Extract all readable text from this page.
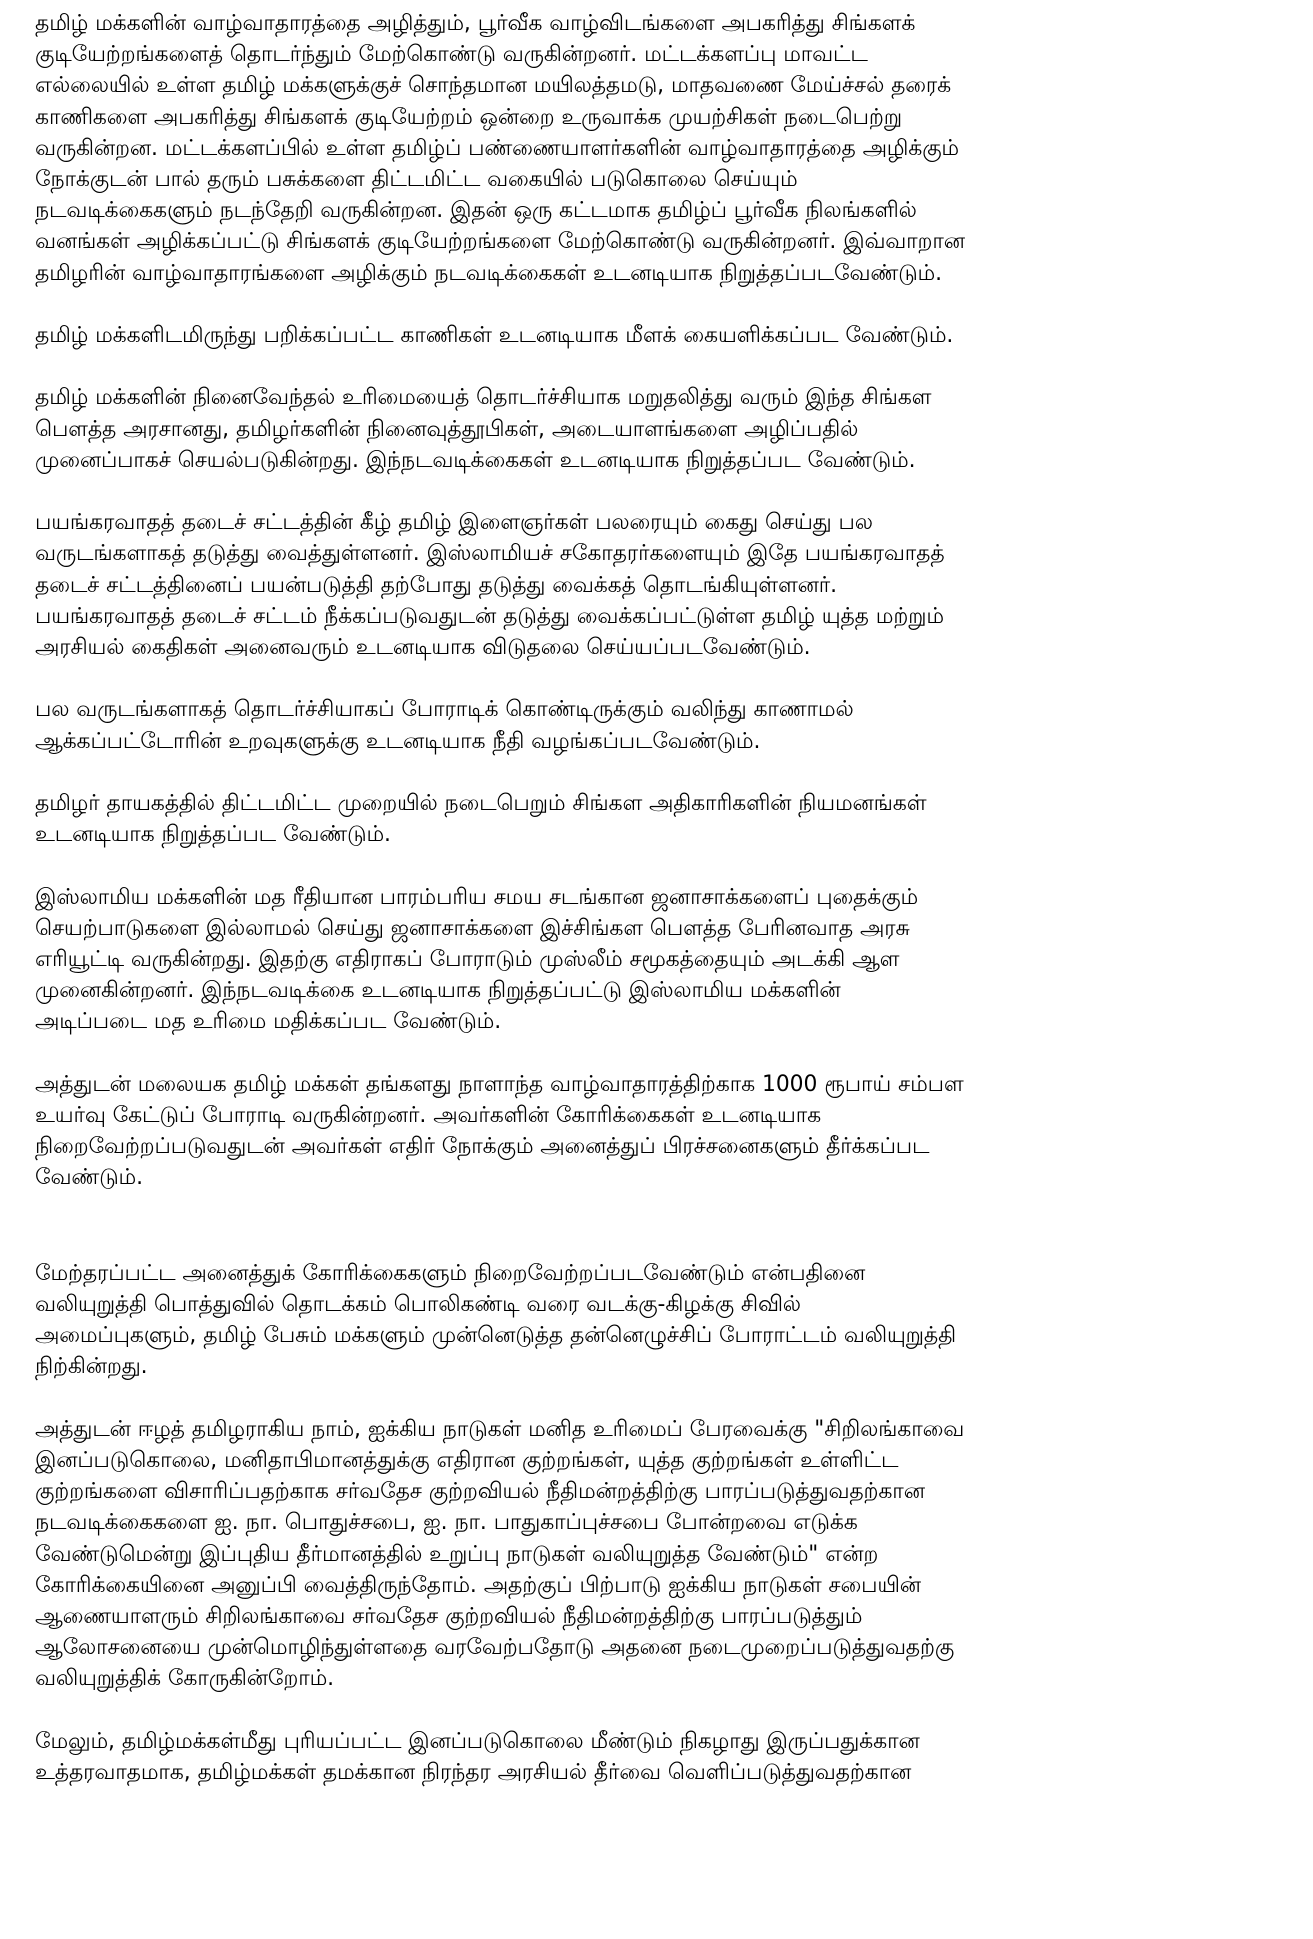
தமிழ் மக்களின் வாழ்வாதாரத்தை அழித்தும், பூர்வீக வாழ்விடங்களை அபகரித்து சிங்களக்
குடியேற்றங்களைத் தொடர்ந்தும் மேற்கொண்டு வருகின்றனர். மட்டக்களப்பு மாவட்ட
எல்லையில் உள்ள தமிழ் மக்களுக்குச் சொந்தமான மயிலத்தமடு, மாதவணை மேய்ச்சல் தரைக்
காணிகளை அபகரித்து சிங்களக் குடியேற்றம் ஒன்றை உருவாக்க முயற்சிகள் நடைபெற்று
வருகின்றன. மட்டக்களப்பில் உள்ள தமிழ்ப் பண்ணையாளர்களின் வாழ்வாதாரத்தை அழிக்கும்
நோக்குடன் பால் தரும் பசுக்களை திட்டமிட்ட வகையில் படுகொலை செய்யும்
நடவடிக்கைகளும் நடந்தேறி வருகின்றன. இதன் ஒரு கட்டமாக தமிழ்ப் பூர்வீக நிலங்களில்
வனங்கள் அழிக்கப்பட்டு சிங்களக் குடியேற்றங்களை மேற்கொண்டு வருகின்றனர். இவ்வாறான
தமிழரின் வாழ்வாதாரங்களை அழிக்கும் நடவடிக்கைகள் உடனடியாக நிறுத்தப்படவேண்டும்.
தமிழ் மக்களிடமிருந்து பறிக்கப்பட்ட காணிகள் உடனடியாக மீளக் கையளிக்கப்பட வேண்டும்.
தமிழ் மக்களின் நினைவேந்தல் உரிமையைத் தொடர்ச்சியாக மறுதலித்து வரும் இந்த சிங்கள
பௌத்த அரசானது, தமிழர்களின் நினைவுத்தூபிகள், அடையாளங்களை அழிப்பதில்
முனைப்பாகச் செயல்படுகின்றது. இந்நடவடிக்கைகள் உடனடியாக நிறுத்தப்பட வேண்டும்.
பயங்கரவாதத் தடைச் சட்டத்தின் கீழ் தமிழ் இளைஞர்கள் பலரையும் கைது செய்து பல
வருடங்களாகத் தடுத்து வைத்துள்ளனர். இஸ்லாமியச் சகோதரர்களையும் இதே பயங்கரவாதத்
தடைச் சட்டத்தினைப் பயன்படுத்தி தற்போது தடுத்து வைக்கத் தொடங்கியுள்ளனர்.
பயங்கரவாதத் தடைச் சட்டம் நீக்கப்படுவதுடன் தடுத்து வைக்கப்பட்டுள்ள தமிழ் யுத்த மற்றும்
அரசியல் கைதிகள் அனைவரும் உடனடியாக விடுதலை செய்யப்படவேண்டும்.
பல வருடங்களாகத் தொடர்ச்சியாகப் போராடிக் கொண்டிருக்கும் வலிந்து காணாமல்
ஆக்கப்பட்டோரின் உறவுகளுக்கு உடனடியாக நீதி வழங்கப்படவேண்டும்.
தமிழர் தாயகத்தில் திட்டமிட்ட முறையில் நடைபெறும் சிங்கள அதிகாரிகளின் நியமனங்கள்
உடனடியாக நிறுத்தப்பட வேண்டும்.
இஸ்லாமிய மக்களின் மத ரீதியான பாரம்பரிய சமய சடங்கான ஜனாசாக்களைப் புதைக்கும்
செயற்பாடுகளை இல்லாமல் செய்து ஜனாசாக்களை இச்சிங்கள பௌத்த பேரினவாத அரசு
எரியூட்டி வருகின்றது. இதற்கு எதிராகப் போராடும் முஸ்லீம் சமூகத்தையும் அடக்கி ஆள
முனைகின்றனர். இந்நடவடிக்கை உடனடியாக நிறுத்தப்பட்டு இஸ்லாமிய மக்களின்
அடிப்படை மத உரிமை மதிக்கப்பட வேண்டும்.
அத்துடன் மலையக தமிழ் மக்கள் தங்களது நாளாந்த வாழ்வாதாரத்திற்காக 1000 ரூபாய் சம்பள
உயர்வு கேட்டுப் போராடி வருகின்றனர். அவர்களின் கோரிக்கைகள் உடனடியாக
நிறைவேற்றப்படுவதுடன் அவர்கள் எதிர் நோக்கும் அனைத்துப் பிரச்சனைகளும் தீர்க்கப்பட
வேண்டும்.
மேற்தரப்பட்ட அனைத்துக் கோரிக்கைகளும் நிறைவேற்றப்படவேண்டும் என்பதினை
வலியுறுத்தி பொத்துவில் தொடக்கம் பொலிகண்டி வரை வடக்கு-கிழக்கு சிவில்
அமைப்புகளும், தமிழ் பேசும் மக்களும் முன்னெடுத்த தன்னெழுச்சிப் போராட்டம் வலியுறுத்தி
நிற்கின்றது.
அத்துடன் ஈழத் தமிழராகிய நாம், ஐக்கிய நாடுகள் மனித உரிமைப் பேரவைக்கு "சிறிலங்காவை
இனப்படுகொலை, மனிதாபிமானத்துக்கு எதிரான குற்றங்கள், யுத்த குற்றங்கள் உள்ளிட்ட
குற்றங்களை விசாரிப்பதற்காக சர்வதேச குற்றவியல் நீதிமன்றத்திற்கு பாரப்படுத்துவதற்கான
நடவடிக்கைகளை ஐ. நா. பொதுச்சபை, ஐ. நா. பாதுகாப்புச்சபை போன்றவை எடுக்க
வேண்டுமென்று இப்புதிய தீர்மானத்தில் உறுப்பு நாடுகள் வலியுறுத்த வேண்டும்" என்ற
கோரிக்கையினை அனுப்பி வைத்திருந்தோம். அதற்குப் பிற்பாடு ஐக்கிய நாடுகள் சபையின்
ஆணையாளரும் சிறிலங்காவை சர்வதேச குற்றவியல் நீதிமன்றத்திற்கு பாரப்படுத்தும்
ஆலோசனையை முன்மொழிந்துள்ளதை வரவேற்பதோடு அதனை நடைமுறைப்படுத்துவதற்கு
வலியுறுத்திக் கோருகின்றோம்.
மேலும், தமிழ்மக்கள்மீது புரியப்பட்ட இனப்படுகொலை மீண்டும் நிகழாது இருப்பதுக்கான
உத்தரவாதமாக, தமிழ்மக்கள் தமக்கான நிரந்தர அரசியல் தீர்வை வெளிப்படுத்துவதற்கான
